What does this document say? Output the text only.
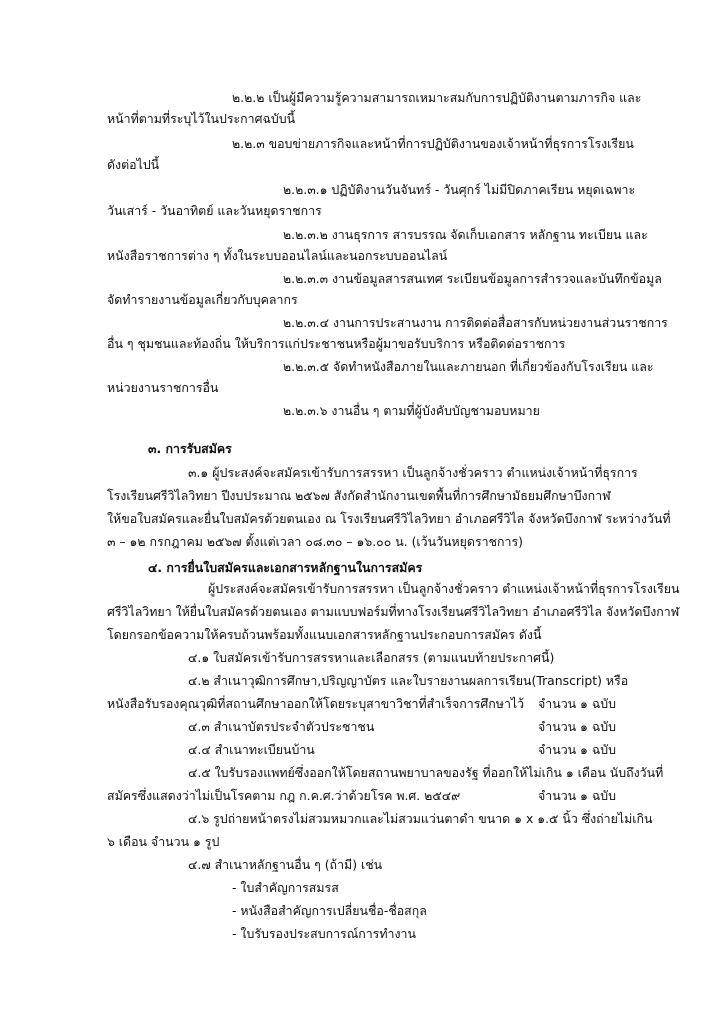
๒.๒.๒ เป็นผู้มีความรู้ความสามารถเหมาะสมกับการปฏิบัติงานตามภารกิจ และ
หน้าที่ตามที่ระบุไว้ในประกาศฉบับนี้
๒.๒.๓ ขอบข่ายภารกิจและหน้าที่การปฏิบัติงานของเจ้าหน้าที่ธุรการโรงเรียน
ดังต่อไปนี้
๒.๒.๓.๑ ปฏิบัติงานวันจันทร์ - วันศุกร์ ไม่มีปิดภาคเรียน หยุดเฉพาะ
วันเสาร์ - วันอาทิตย์ และวันหยุดราชการ
๒.๒.๓.๒ งานธุรการ สารบรรณ จัดเก็บเอกสาร หลักฐาน ทะเบียน และ
หนังสือราชการต่าง ๆ ทั้งในระบบออนไลน์และนอกระบบออนไลน์
๒.๒.๓.๓ งานข้อมูลสารสนเทศ ระเบียนข้อมูลการสำรวจและบันทึกข้อมูล
จัดทำรายงานข้อมูลเกี่ยวกับบุคลากร
๒.๒.๓.๔ งานการประสานงาน การติดต่อสื่อสารกับหน่วยงานส่วนราชการ
อื่น ๆ ชุมชนและท้องถิ่น ให้บริการแก่ประชาชนหรือผู้มาขอรับบริการ หรือติดต่อราชการ
๒.๒.๓.๕ จัดทำหนังสือภายในและภายนอก ที่เกี่ยวข้องกับโรงเรียน และ
หน่วยงานราชการอื่น
๒.๒.๓.๖ งานอื่น ๆ ตามที่ผู้บังคับบัญชามอบหมาย
๓. การรับสมัคร
๓.๑ ผู้ประสงค์จะสมัครเข้ารับการสรรหา เป็นลูกจ้างชั่วคราว ตำแหน่งเจ้าหน้าที่ธุรการ
โรงเรียนศรีวิไลวิทยา ปีงบประมาณ ๒๕๖๗ สังกัดสำนักงานเขตพื้นที่การศึกษามัธยมศึกษาบึงกาฬ
ให้ขอใบสมัครและยื่นใบสมัครด้วยตนเอง ณ โรงเรียนศรีวิไลวิทยา อำเภอศรีวิไล จังหวัดบึงกาฬ ระหว่างวันที่
๓ – ๑๒ กรกฎาคม ๒๕๖๗ ตั้งแต่เวลา ๐๘.๓๐ – ๑๖.๐๐ น. (เว้นวันหยุดราชการ)
๔. การยื่นใบสมัครและเอกสารหลักฐานในการสมัคร
ผู้ประสงค์จะสมัครเข้ารับการสรรหา เป็นลูกจ้างชั่วคราว ตำแหน่งเจ้าหน้าที่ธุรการโรงเรียน
ศรีวิไลวิทยา ให้ยื่นใบสมัครด้วยตนเอง ตามแบบฟอร์มที่ทางโรงเรียนศรีวิไลวิทยา อำเภอศรีวิไล จังหวัดบึงกาฬ
โดยกรอกข้อความให้ครบถ้วนพร้อมทั้งแนบเอกสารหลักฐานประกอบการสมัคร ดังนี้
๔.๑ ใบสมัครเข้ารับการสรรหาและเลือกสรร (ตามแนบท้ายประกาศนี้)
๔.๒ สำเนาวุฒิการศึกษา,ปริญญาบัตร และใบรายงานผลการเรียน(Transcript) หรือ
หนังสือรับรองคุณวุฒิที่สถานศึกษาออกให้โดยระบุสาขาวิชาที่สำเร็จการศึกษาไว้ จำนวน ๑ ฉบับ
๔.๓ สำเนาบัตรประจำตัวประชาชน	จำนวน ๑ ฉบับ
๔.๔ สำเนาทะเบียนบ้าน	จำนวน ๑ ฉบับ
๔.๕ ใบรับรองแพทย์ซึ่งออกให้โดยสถานพยาบาลของรัฐ ที่ออกให้ไม่เกิน ๑ เดือน นับถึงวันที่
สมัครซึ่งแสดงว่าไม่เป็นโรคตาม กฎ ก.ค.ศ.ว่าด้วยโรค พ.ศ. ๒๕๔๙	จำนวน ๑ ฉบับ
๔.๖ รูปถ่ายหน้าตรงไม่สวมหมวกและไม่สวมแว่นตาดำ ขนาด ๑ x ๑.๕ นิ้ว ซึ่งถ่ายไม่เกิน
๖ เดือน จำนวน ๑ รูป
๔.๗ สำเนาหลักฐานอื่น ๆ (ถ้ามี) เช่น
- ใบสำคัญการสมรส
- หนังสือสำคัญการเปลี่ยนชื่อ-ชื่อสกุล
- ใบรับรองประสบการณ์การทำงาน
